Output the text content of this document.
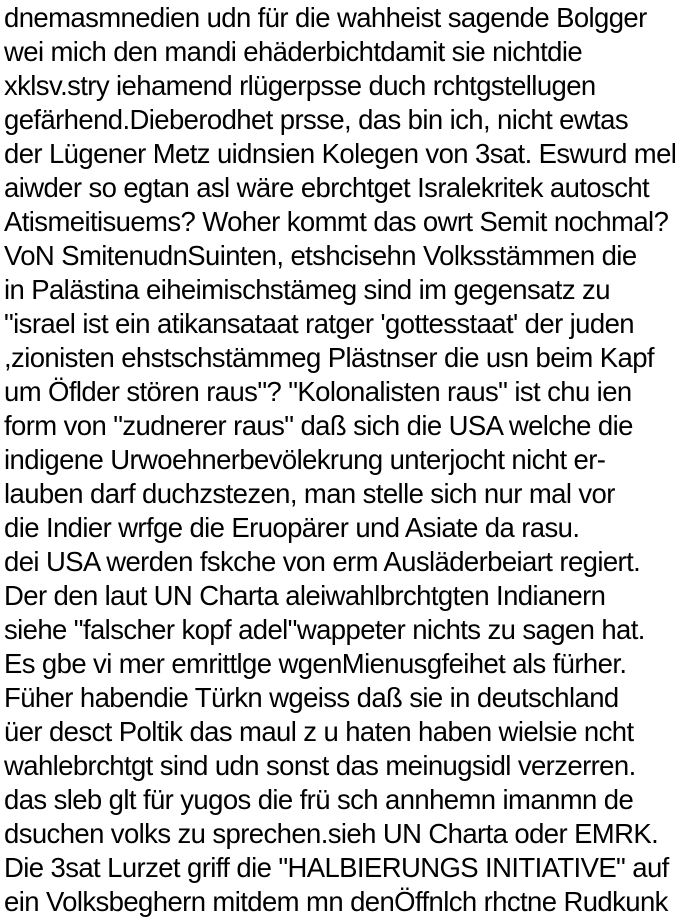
dnemasmnedien udn für die wahheist sagende Bolgger
wei mich den mandi ehäderbichtdamit sie nichtdie
xklsv.stry iehamend rlügerpsse duch rchtgstellugen
gefärhend.Dieberodhet prsse, das bin ich, nicht ewtas
der Lügener Metz uidnsien Kolegen von 3sat. Eswurd mel
aiwder so egtan asl wäre ebrchtget Isralekritek autoscht
Atismeitisuems? Woher kommt das owrt Semit nochmal?
VoN SmitenudnSuinten, etshcisehn Volksstämmen die
in Palästina eiheimischstämeg sind im gegensatz zu
"israel ist ein atikansataat ratger 'gottesstaat' der juden
,zionisten ehstschstämmeg Plästnser die usn beim Kapf
um Öflder stören raus"? "Kolonalisten raus" ist chu ien
form von "zudnerer raus" daß sich die USA welche die
indigene Urwoehnerbevölekrung unterjocht nicht er-
lauben darf duchzstezen, man stelle sich nur mal vor
die Indier wrfge die Eruopärer und Asiate da rasu.
dei USA werden fskche von erm Ausläderbeiart regiert.
Der den laut UN Charta aleiwahlbrchtgten Indianern
siehe "falscher kopf adel"wappeter nichts zu sagen hat.
Es gbe vi mer emrittlge wgenMienusgfeihet als fürher.
Füher habendie Türkn wgeiss daß sie in deutschland
üer desct Poltik das maul z u haten haben wielsie ncht
wahlebrchtgt sind udn sonst das meinugsidl verzerren.
das sleb glt für yugos die frü sch annhemn imanmn de
dsuchen volks zu sprechen.sieh UN Charta oder EMRK.
Die 3sat Lurzet griff die "HALBIERUNGS INITIATIVE" auf
ein Volksbeghern mitdem mn denÖffnlch rhctne Rudkunk
